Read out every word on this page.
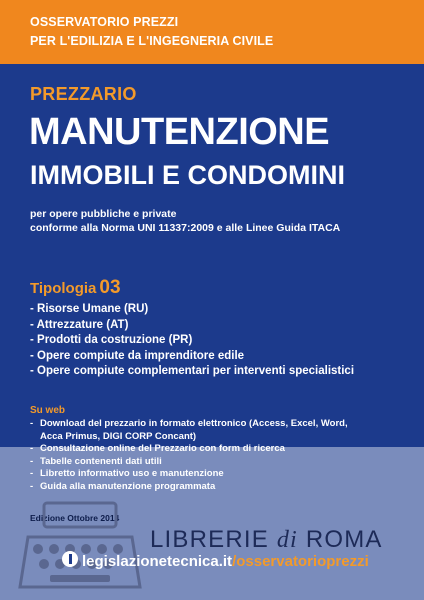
OSSERVATORIO PREZZI
PER L'EDILIZIA E L'INGEGNERIA CIVILE
PREZZARIO
MANUTENZIONE
IMMOBILI E CONDOMINI
per opere pubbliche e private
conforme alla Norma UNI 11337:2009 e alle Linee Guida ITACA
Tipologia 03
- Risorse Umane (RU)
- Attrezzature (AT)
- Prodotti da costruzione (PR)
- Opere compiute da imprenditore edile
- Opere compiute complementari per interventi specialistici
Su web
- Download del prezzario in formato elettronico (Access, Excel, Word,
Acca Primus, DIGI CORP Concant)
- Consultazione online del Prezzario con form di ricerca
- Tabelle contenenti dati utili
- Libretto informativo uso e manutenzione
- Guida alla manutenzione programmata
Edizione Ottobre 2014
LIBRERIE di ROMA
legislazionetecnica.it/osservatorioprezzi
